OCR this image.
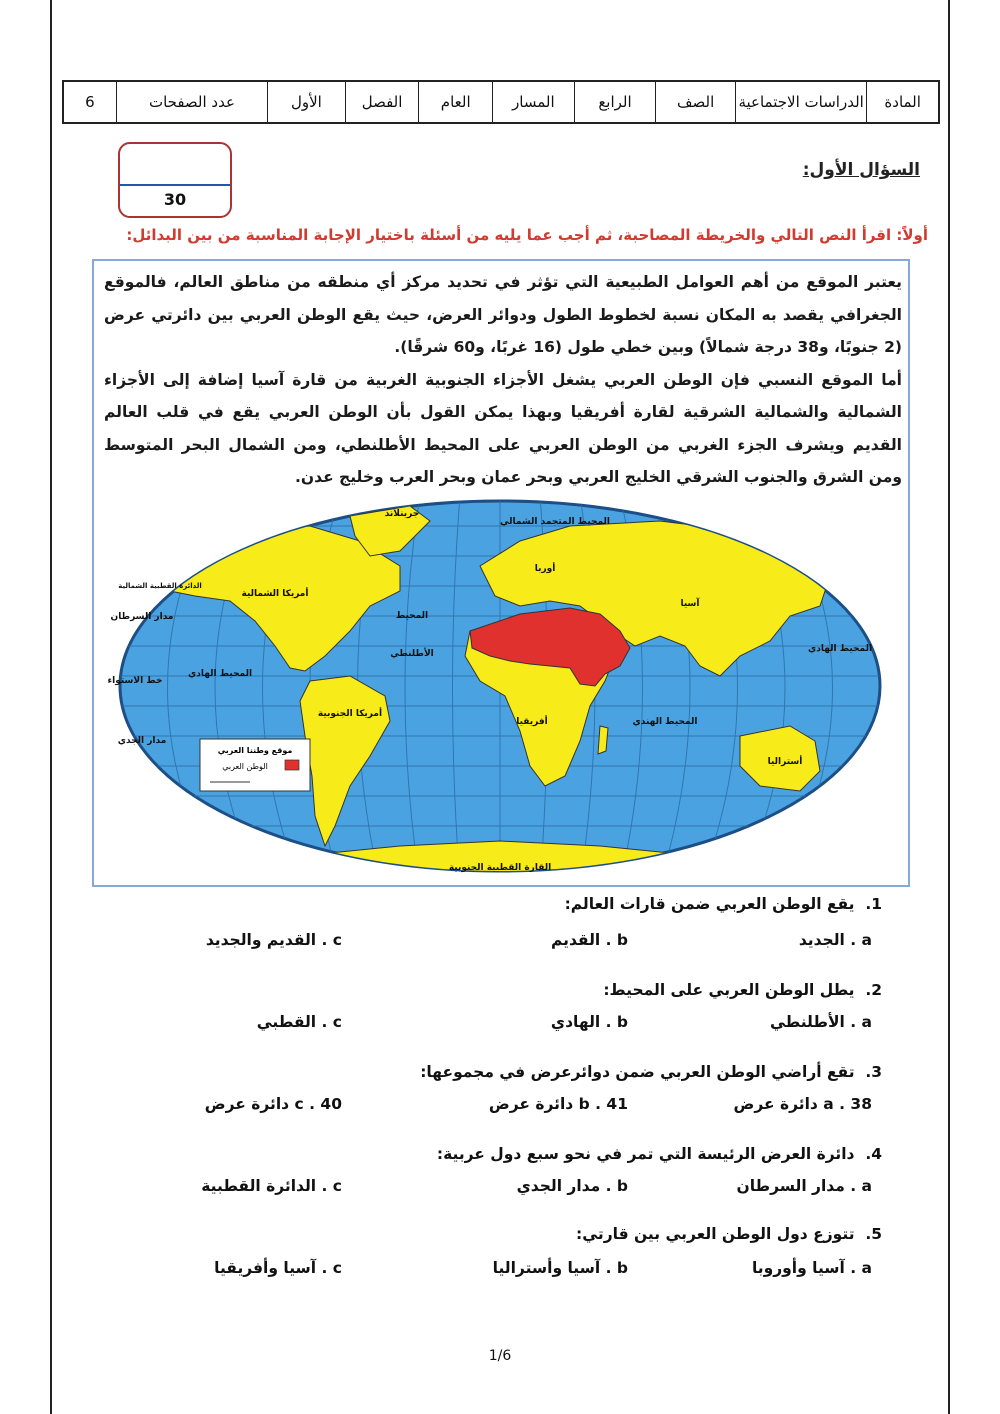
المادة
الدراسات الاجتماعية
الصف
الرابع
المسار
العام
الفصل
الأول
عدد الصفحات
6
30
السؤال الأول:
أولاً: اقرأ النص التالي والخريطة المصاحبة، ثم أجب عما يليه من أسئلة باختيار الإجابة المناسبة من بين البدائل:
يعتبر الموقع من أهم العوامل الطبيعية التي تؤثر في تحديد مركز أي منطقه من مناطق العالم، فالموقع الجغرافي يقصد به المكان نسبة لخطوط الطول ودوائر العرض، حيث يقع الوطن العربي بين دائرتي عرض (2 جنوبًا، و38 درجة شمالاً) وبين خطي طول (16 غربًا، و60 شرقًا).
أما الموقع النسبي فإن الوطن العربي يشغل الأجزاء الجنوبية الغربية من قارة آسيا إضافة إلى الأجزاء الشمالية والشمالية الشرقية لقارة أفريقيا وبهذا يمكن القول بأن الوطن العربي يقع في قلب العالم القديم ويشرف الجزء الغربي من الوطن العربي على المحيط الأطلنطي، ومن الشمال البحر المتوسط ومن الشرق والجنوب الشرقي الخليج العربي وبحر عمان وبحر العرب وخليج عدن.
جرينلاند
المحيط المتجمد الشمالي
أمريكا الشمالية
أوربا
آسيا
المحيط
الأطلنطي
أفريقيا
أمريكا الجنوبية
المحيط الهندي
المحيط الهادي
المحيط الهادي
أستراليا
القارة القطبية الجنوبية
مدار السرطان
خط الاستواء
مدار الجدي
الدائرة القطبية الشمالية
موقع وطننا العربي
الوطن العربي
1.  يقع الوطن العربي ضمن قارات العالم:
a . الجديد
b . القديم
c . القديم والجديد
2.  يطل الوطن العربي على المحيط:
a . الأطلنطي
b . الهادي
c . القطبي
3.  تقع أراضي الوطن العربي ضمن دوائرعرض في مجموعها:
a . 38 دائرة عرض
b . 41 دائرة عرض
c . 40 دائرة عرض
4.  دائرة العرض الرئيسة التي تمر في نحو سبع دول عربية:
a . مدار السرطان
b . مدار الجدي
c . الدائرة القطبية
5.  تتوزع دول الوطن العربي بين قارتي:
a . آسيا وأوروبا
b . آسيا وأستراليا
c . آسيا وأفريقيا
1/6
